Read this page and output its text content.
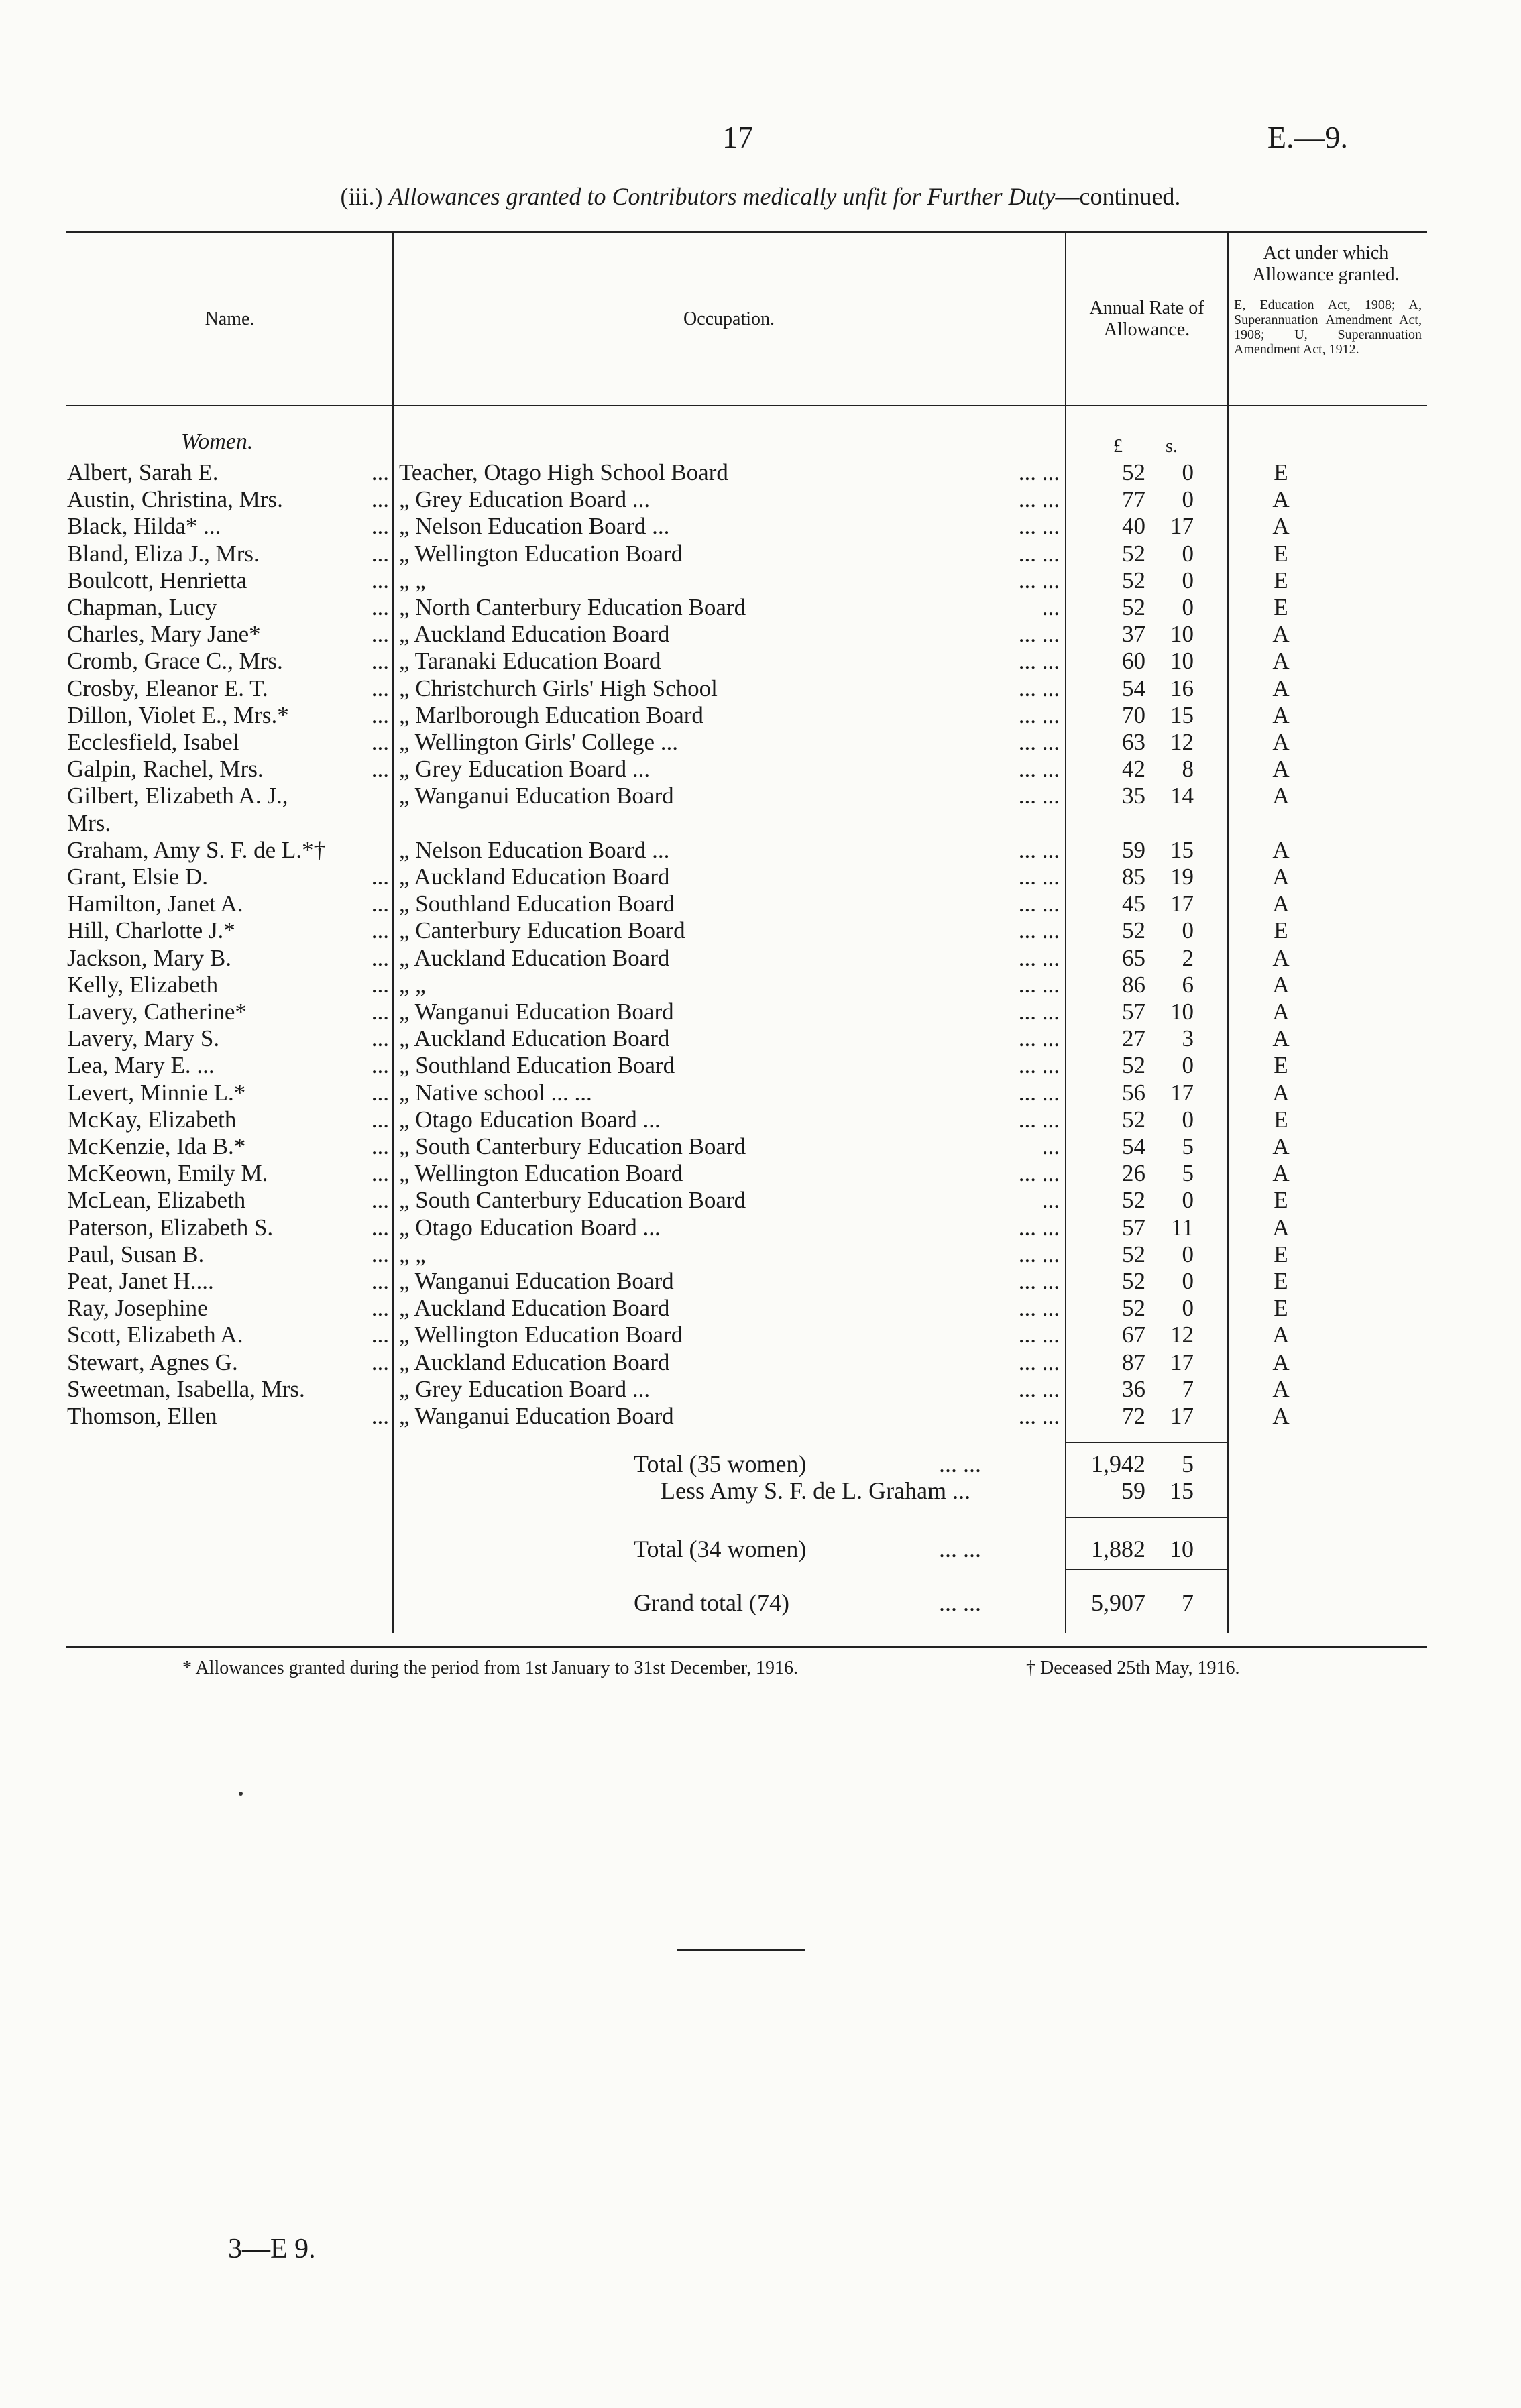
17	E.—9.
(iii.) Allowances granted to Contributors medically unfit for Further Duty—continued.
Name.	Occupation.
Annual Rate of
Allowance.
Act under which
Allowance granted.
E, Education Act, 1908; A, Superannuation Amendment Act, 1908; U, Superannuation Amendment Act, 1912.
Women.	£ s.
Albert, Sarah E.	... Teacher, Otago High School Board	... ...	52	0	E
Austin, Christina, Mrs.	... „ Grey Education Board ...	... ...	77	0	A
Black, Hilda* ...	... „ Nelson Education Board ...	... ...	40	17	A
Bland, Eliza J., Mrs.	... „ Wellington Education Board	... ...	52	0	E
Boulcott, Henrietta	... „ „	... ...	52	0	E
Chapman, Lucy	... „ North Canterbury Education Board	...	52	0	E
Charles, Mary Jane*	... „ Auckland Education Board	... ...	37	10	A
Cromb, Grace C., Mrs.	... „ Taranaki Education Board	... ...	60	10	A
Crosby, Eleanor E. T.	... „ Christchurch Girls' High School	... ...	54	16	A
Dillon, Violet E., Mrs.*	... „ Marlborough Education Board	... ...	70	15	A
Ecclesfield, Isabel	... „ Wellington Girls' College ...	... ...	63	12	A
Galpin, Rachel, Mrs.	... „ Grey Education Board ...	... ...	42	8	A
Gilbert, Elizabeth A. J.,	„ Wanganui Education Board	... ...	35	14	A
Mrs.
Graham, Amy S. F. de L.*†	„ Nelson Education Board ...	... ...	59	15	A
Grant, Elsie D.	... „ Auckland Education Board	... ...	85	19	A
Hamilton, Janet A.	... „ Southland Education Board	... ...	45	17	A
Hill, Charlotte J.*	... „ Canterbury Education Board	... ...	52	0	E
Jackson, Mary B.	... „ Auckland Education Board	... ...	65	2	A
Kelly, Elizabeth	... „ „	... ...	86	6	A
Lavery, Catherine*	... „ Wanganui Education Board	... ...	57	10	A
Lavery, Mary S.	... „ Auckland Education Board	... ...	27	3	A
Lea, Mary E. ...	... „ Southland Education Board	... ...	52	0	E
Levert, Minnie L.*	... „ Native school ... ...	... ...	56	17	A
McKay, Elizabeth	... „ Otago Education Board ...	... ...	52	0	E
McKenzie, Ida B.*	... „ South Canterbury Education Board	...	54	5	A
McKeown, Emily M.	... „ Wellington Education Board	... ...	26	5	A
McLean, Elizabeth	... „ South Canterbury Education Board	...	52	0	E
Paterson, Elizabeth S.	... „ Otago Education Board ...	... ...	57	11	A
Paul, Susan B.	... „ „	... ...	52	0	E
Peat, Janet H....	... „ Wanganui Education Board	... ...	52	0	E
Ray, Josephine	... „ Auckland Education Board	... ...	52	0	E
Scott, Elizabeth A.	... „ Wellington Education Board	... ...	67	12	A
Stewart, Agnes G.	... „ Auckland Education Board	... ...	87	17	A
Sweetman, Isabella, Mrs.	„ Grey Education Board ...	... ...	36	7	A
Thomson, Ellen	... „ Wanganui Education Board	... ...	72	17	A
Total (35 women)	... ...	1,942	5
Less Amy S. F. de L. Graham ...	59	15
Total (34 women)	... ...	1,882	10
Grand total (74)	... ...	5,907	7
* Allowances granted during the period from 1st January to 31st December, 1916.	† Deceased 25th May, 1916.
3—E 9.
